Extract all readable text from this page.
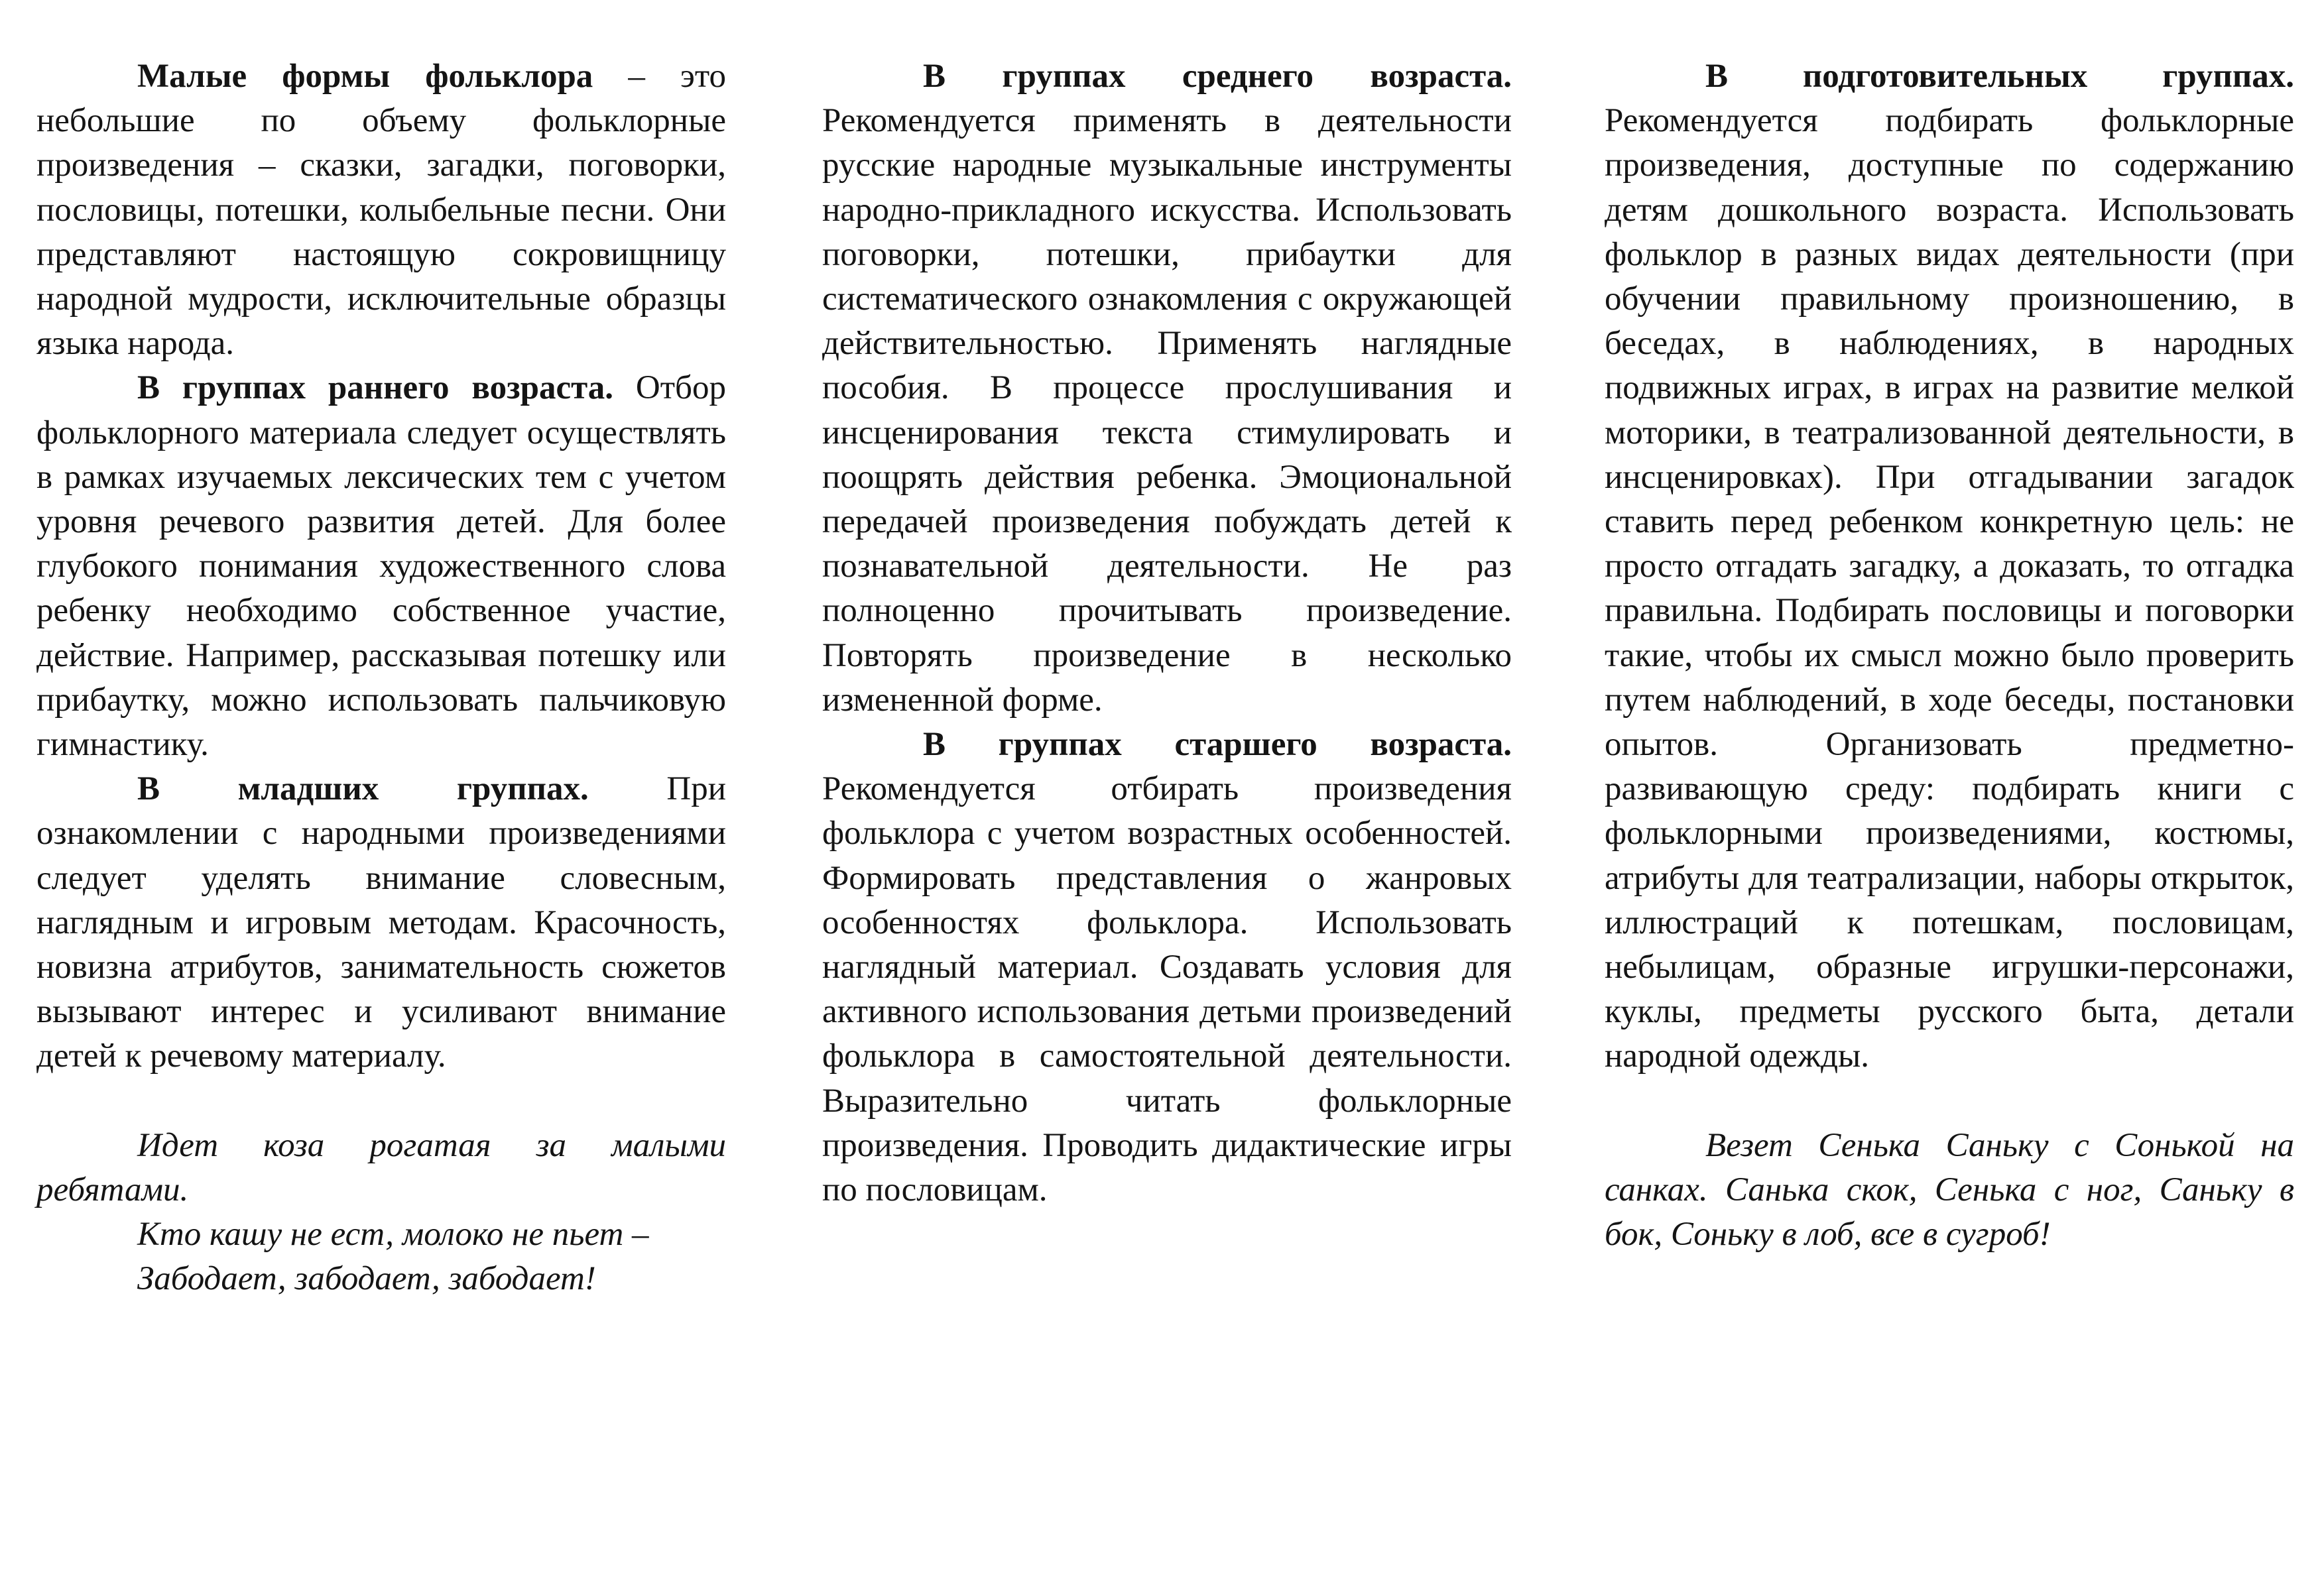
Малые формы фольклора – это небольшие по объему фольклорные произведения – сказки, загадки, поговорки, пословицы, потешки, колыбельные песни. Они представляют настоящую сокровищницу народной мудрости, исключительные образцы языка народа.

В группах раннего возраста. Отбор фольклорного материала следует осуществлять в рамках изучаемых лексических тем с учетом уровня речевого развития детей. Для более глубокого понимания художественного слова ребенку необходимо собственное участие, действие. Например, рассказывая потешку или прибаутку, можно использовать пальчиковую гимнастику.

В младших группах. При ознакомлении с народными произведениями следует уделять внимание словесным, наглядным и игровым методам. Красочность, новизна атрибутов, занимательность сюжетов вызывают интерес и усиливают внимание детей к речевому материалу.

Идет коза рогатая за малыми ребятами.

Кто кашу не ест, молоко не пьет –

Забодает, забодает, забодает!

В группах среднего возраста. Рекомендуется применять в деятельности русские народные музыкальные инструменты народно-прикладного искусства. Использовать поговорки, потешки, прибаутки для систематического ознакомления с окружающей действительностью. Применять наглядные пособия. В процессе прослушивания и инсценирования текста стимулировать и поощрять действия ребенка. Эмоциональной передачей произведения побуждать детей к познавательной деятельности. Не раз полноценно прочитывать произведение. Повторять произведение в несколько измененной форме.

В группах старшего возраста. Рекомендуется отбирать произведения фольклора с учетом возрастных особенностей. Формировать представления о жанровых особенностях фольклора. Использовать наглядный материал. Создавать условия для активного использования детьми произведений фольклора в самостоятельной деятельности. Выразительно читать фольклорные произведения. Проводить дидактические игры по пословицам.

В подготовительных группах. Рекомендуется подбирать фольклорные произведения, доступные по содержанию детям дошкольного возраста. Использовать фольклор в разных видах деятельности (при обучении правильному произношению, в беседах, в наблюдениях, в народных подвижных играх, в играх на развитие мелкой моторики, в театрализованной деятельности, в инсценировках). При отгадывании загадок ставить перед ребенком конкретную цель: не просто отгадать загадку, а доказать, то отгадка правильна. Подбирать пословицы и поговорки такие, чтобы их смысл можно было проверить путем наблюдений, в ходе беседы, постановки опытов. Организовать предметно-развивающую среду: подбирать книги с фольклорными произведениями, костюмы, атрибуты для театрализации, наборы открыток, иллюстраций к потешкам, пословицам, небылицам, образные игрушки-персонажи, куклы, предметы русского быта, детали народной одежды.

Везет Сенька Саньку с Сонькой на санках. Санька скок, Сенька с ног, Саньку в бок, Соньку в лоб, все в сугроб!
